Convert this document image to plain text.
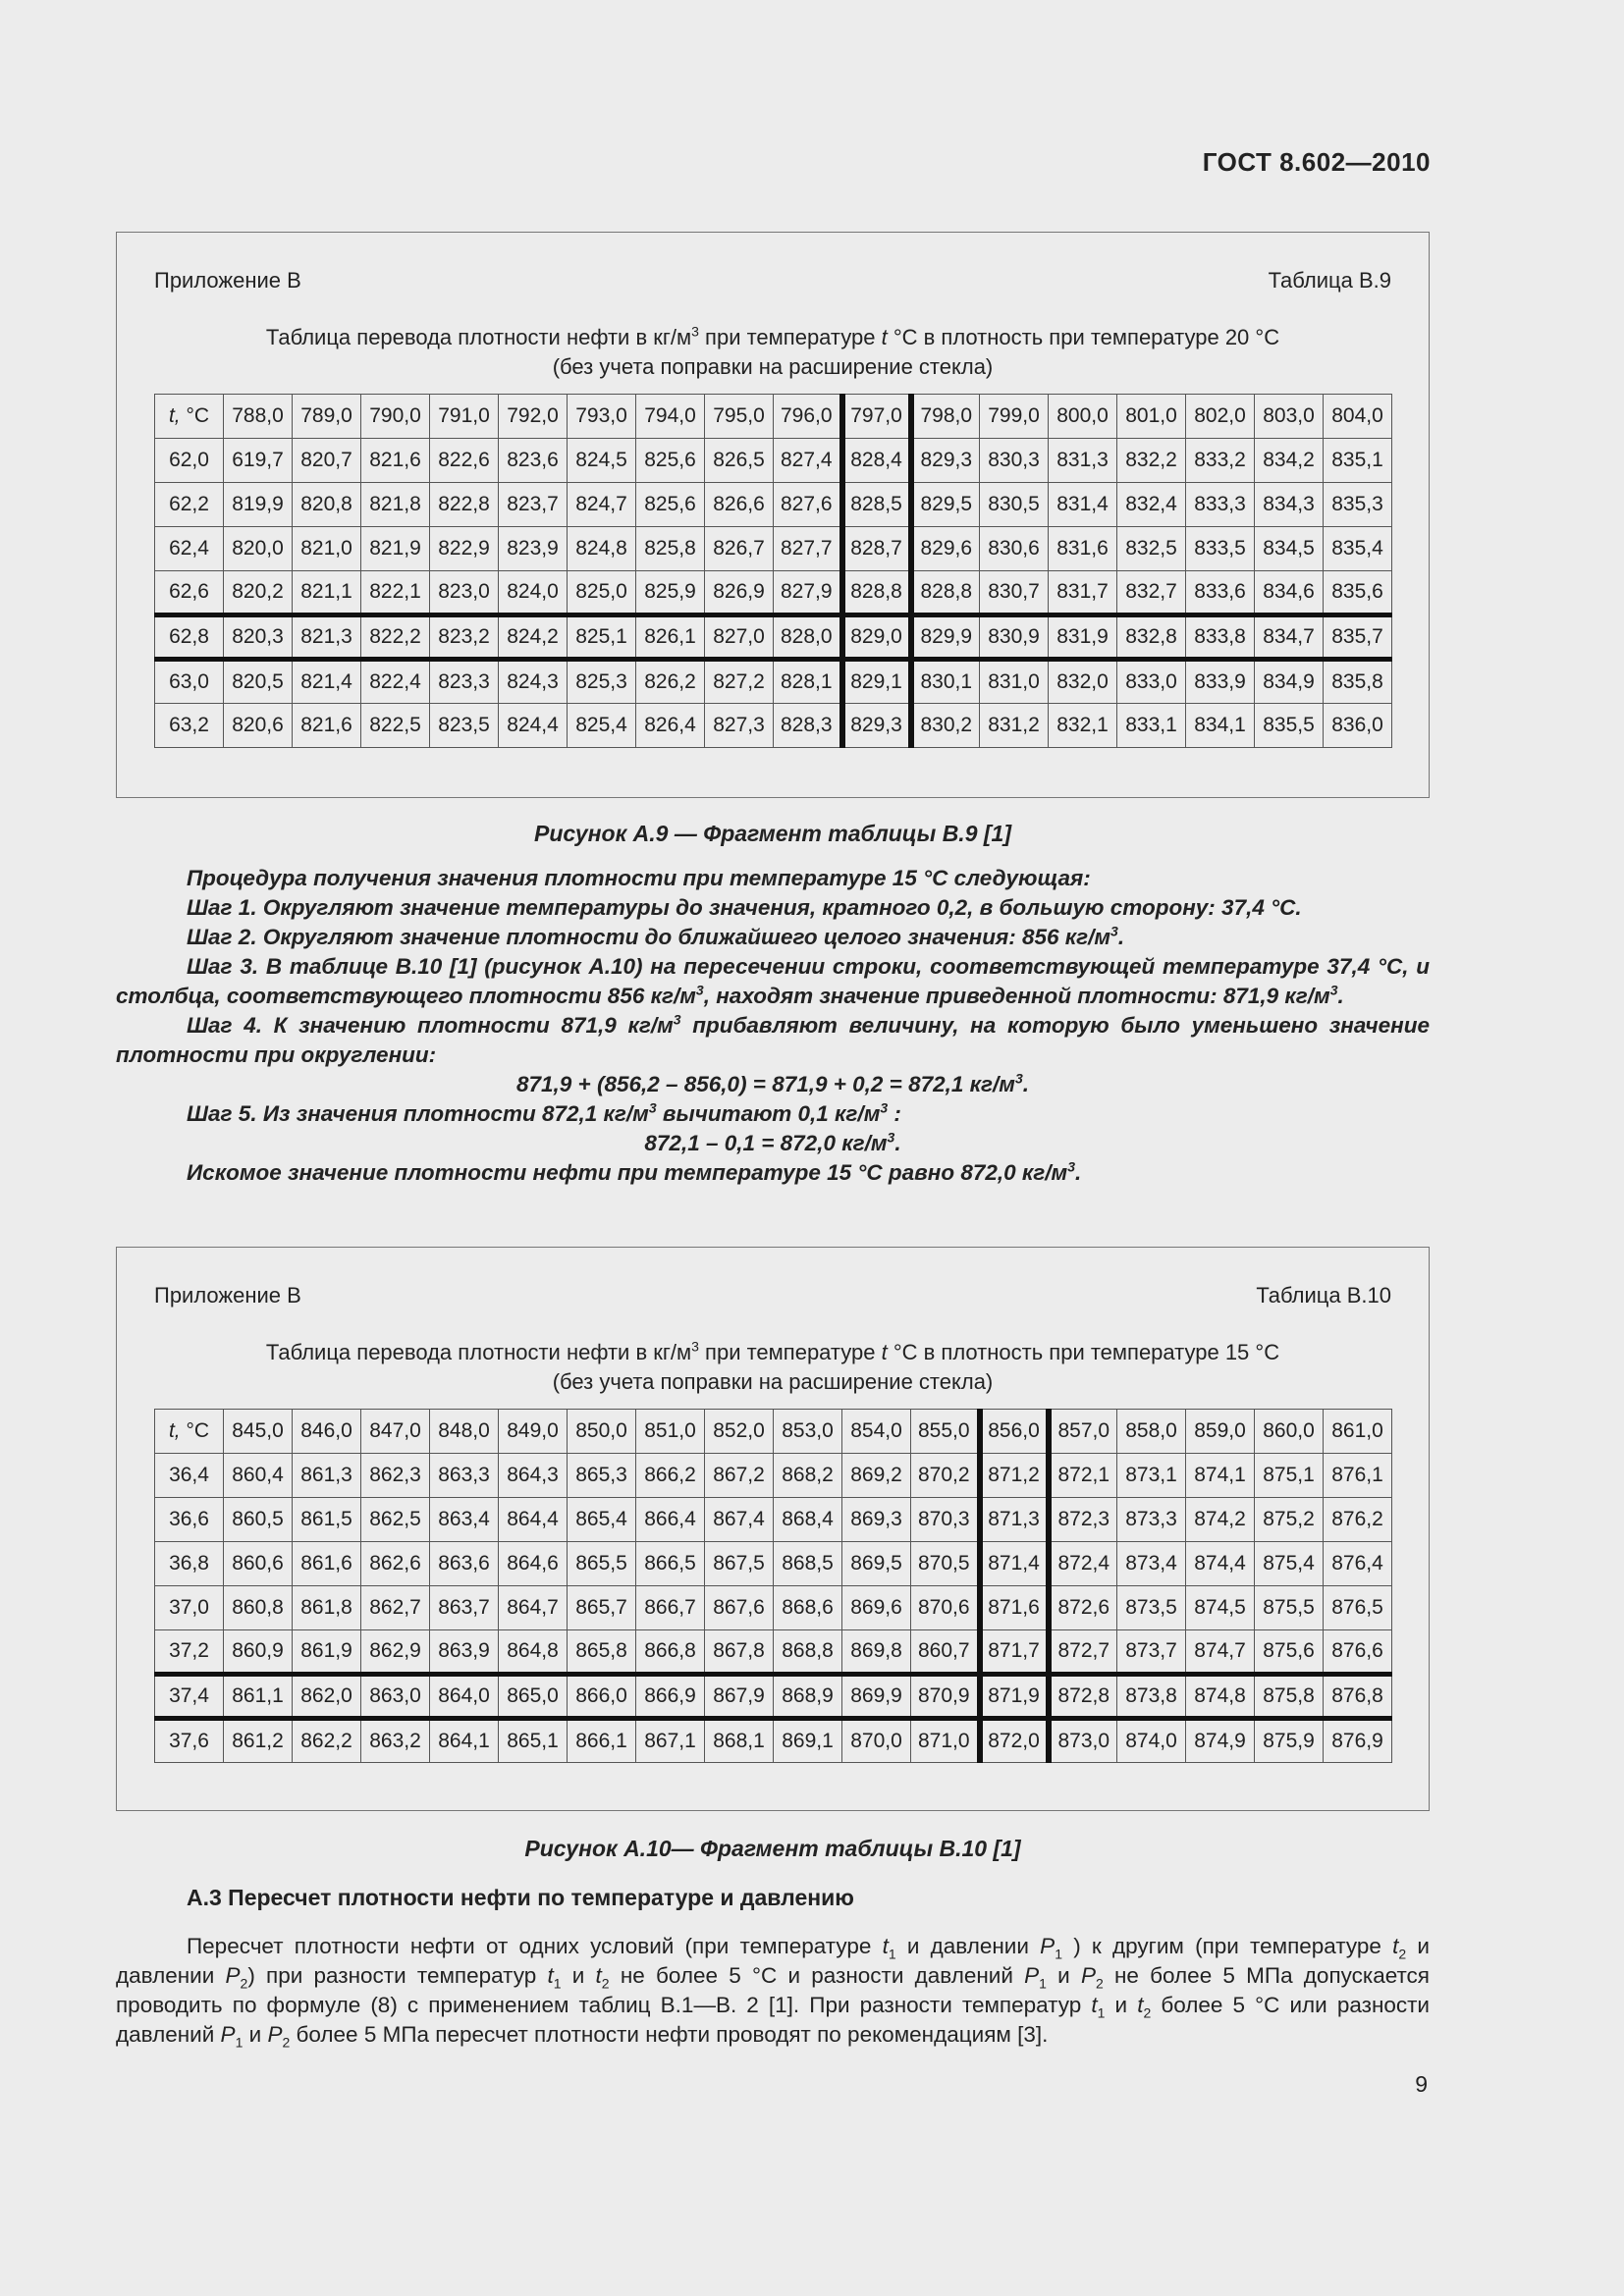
ГОСТ 8.602—2010
Приложение В	Таблица В.9
Таблица перевода плотности нефти в $кг/м^3$ при температуре t °С в плотность при температуре 20 °С
(без учета поправки на расширение стекла)
t, °С	788,0	789,0	790,0	791,0	792,0	793,0	794,0	795,0	796,0	797,0	798,0	799,0	800,0	801,0	802,0	803,0	804,0
62,0	619,7	820,7	821,6	822,6	823,6	824,5	825,6	826,5	827,4	828,4	829,3	830,3	831,3	832,2	833,2	834,2	835,1
62,2	819,9	820,8	821,8	822,8	823,7	824,7	825,6	826,6	827,6	828,5	829,5	830,5	831,4	832,4	833,3	834,3	835,3
62,4	820,0	821,0	821,9	822,9	823,9	824,8	825,8	826,7	827,7	828,7	829,6	830,6	831,6	832,5	833,5	834,5	835,4
62,6	820,2	821,1	822,1	823,0	824,0	825,0	825,9	826,9	827,9	828,8	828,8	830,7	831,7	832,7	833,6	834,6	835,6
62,8	820,3	821,3	822,2	823,2	824,2	825,1	826,1	827,0	828,0	829,0	829,9	830,9	831,9	832,8	833,8	834,7	835,7
63,0	820,5	821,4	822,4	823,3	824,3	825,3	826,2	827,2	828,1	829,1	830,1	831,0	832,0	833,0	833,9	834,9	835,8
63,2	820,6	821,6	822,5	823,5	824,4	825,4	826,4	827,3	828,3	829,3	830,2	831,2	832,1	833,1	834,1	835,5	836,0
Рисунок А.9 — Фрагмент таблицы В.9 [1]

Процедура получения значения плотности при температуре 15 °С следующая:

Шаг 1. Округляют значение температуры до значения, кратного 0,2, в большую сторону: 37,4 °С.

Шаг 2. Округляют значение плотности до ближайшего целого значения: 856 $кг/м^3$.

Шаг 3. В таблице В.10 [1] (рисунок А.10) на пересечении строки, соответствующей температуре 37,4 °С, и столбца, соответствующего плотности 856 $кг/м^3$, находят значение приведенной плотности: 871,9 $кг/м^3$.

Шаг 4. К значению плотности 871,9 $кг/м^3$ прибавляют величину, на которую было уменьшено значение плотности при округлении:

871,9 + (856,2 – 856,0) = 871,9 + 0,2 = 872,1 $кг/м^3$.

Шаг 5. Из значения плотности 872,1 $кг/м^3$ вычитают 0,1 $кг/м^3$ :

872,1 – 0,1 = 872,0 $кг/м^3$.

Искомое значение плотности нефти при температуре 15 °С равно 872,0 $кг/м^3$.

Приложение В	Таблица В.10
Таблица перевода плотности нефти в $кг/м^3$ при температуре t °С в плотность при температуре 15 °С
(без учета поправки на расширение стекла)
t, °С	845,0	846,0	847,0	848,0	849,0	850,0	851,0	852,0	853,0	854,0	855,0	856,0	857,0	858,0	859,0	860,0	861,0
36,4	860,4	861,3	862,3	863,3	864,3	865,3	866,2	867,2	868,2	869,2	870,2	871,2	872,1	873,1	874,1	875,1	876,1
36,6	860,5	861,5	862,5	863,4	864,4	865,4	866,4	867,4	868,4	869,3	870,3	871,3	872,3	873,3	874,2	875,2	876,2
36,8	860,6	861,6	862,6	863,6	864,6	865,5	866,5	867,5	868,5	869,5	870,5	871,4	872,4	873,4	874,4	875,4	876,4
37,0	860,8	861,8	862,7	863,7	864,7	865,7	866,7	867,6	868,6	869,6	870,6	871,6	872,6	873,5	874,5	875,5	876,5
37,2	860,9	861,9	862,9	863,9	864,8	865,8	866,8	867,8	868,8	869,8	860,7	871,7	872,7	873,7	874,7	875,6	876,6
37,4	861,1	862,0	863,0	864,0	865,0	866,0	866,9	867,9	868,9	869,9	870,9	871,9	872,8	873,8	874,8	875,8	876,8
37,6	861,2	862,2	863,2	864,1	865,1	866,1	867,1	868,1	869,1	870,0	871,0	872,0	873,0	874,0	874,9	875,9	876,9
Рисунок А.10— Фрагмент таблицы В.10 [1]
А.3 Пересчет плотности нефти по температуре и давлению
Пересчет плотности нефти от одних условий (при температуре $t_1$ и давлении $P_1$ ) к другим (при температуре $t_2$ и давлении $P_2$) при разности температур $t_1$ и $t_2$ не более 5 °С и разности давлений $P_1$ и $P_2$ не более 5 МПа допускается проводить по формуле (8) с применением таблиц В.1—В. 2 [1]. При разности температур $t_1$ и $t_2$ более 5 °С или разности давлений $P_1$ и $P_2$ более 5 МПа пересчет плотности нефти проводят по рекомендациям [3].
9
